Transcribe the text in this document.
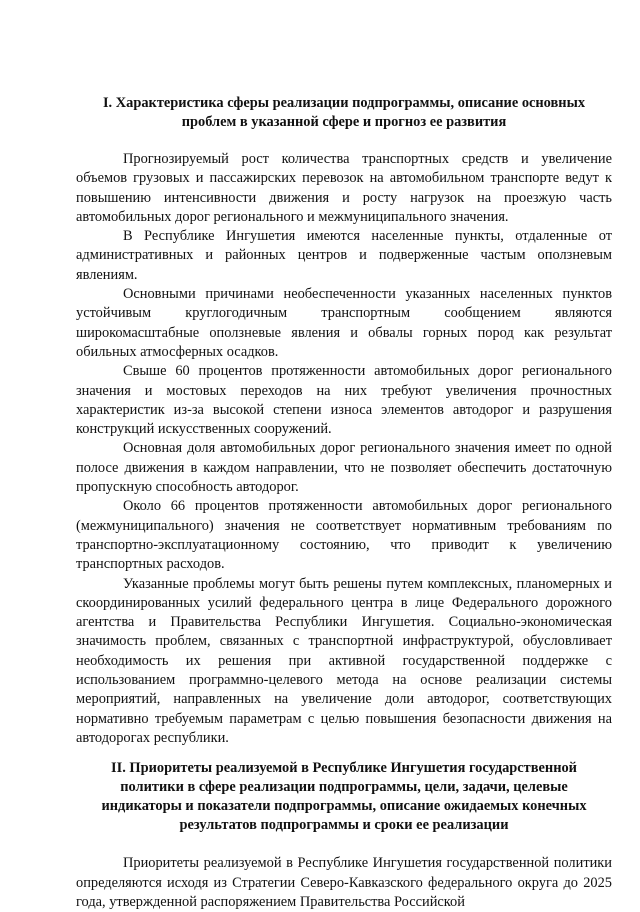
I. Характеристика сферы реализации подпрограммы, описание основных
проблем в указанной сфере и прогноз ее развития

Прогнозируемый рост количества транспортных средств и увеличение объемов грузовых и пассажирских перевозок на автомобильном транспорте ведут к повышению интенсивности движения и росту нагрузок на проезжую часть автомобильных дорог регионального и межмуниципального значения.

В Республике Ингушетия имеются населенные пункты, отдаленные от административных и районных центров и подверженные частым оползневым явлениям.

Основными причинами необеспеченности указанных населенных пунктов устойчивым круглогодичным транспортным сообщением являются широкомасштабные оползневые явления и обвалы горных пород как результат обильных атмосферных осадков.

Свыше 60 процентов протяженности автомобильных дорог регионального значения и мостовых переходов на них требуют увеличения прочностных характеристик из-за высокой степени износа элементов автодорог и разрушения конструкций искусственных сооружений.

Основная доля автомобильных дорог регионального значения имеет по одной полосе движения в каждом направлении, что не позволяет обеспечить достаточную пропускную способность автодорог.

Около 66 процентов протяженности автомобильных дорог регионального (межмуниципального) значения не соответствует нормативным требованиям по транспортно-эксплуатационному состоянию, что приводит к увеличению транспортных расходов.

Указанные проблемы могут быть решены путем комплексных, планомерных и скоординированных усилий федерального центра в лице Федерального дорожного агентства и Правительства Республики Ингушетия. Социально-экономическая значимость проблем, связанных с транспортной инфраструктурой, обусловливает необходимость их решения при активной государственной поддержке с использованием программно-целевого метода на основе реализации системы мероприятий, направленных на увеличение доли автодорог, соответствующих нормативно требуемым параметрам с целью повышения безопасности движения на автодорогах республики.

II. Приоритеты реализуемой в Республике Ингушетия государственной
политики в сфере реализации подпрограммы, цели, задачи, целевые
индикаторы и показатели подпрограммы, описание ожидаемых конечных
результатов подпрограммы и сроки ее реализации

Приоритеты реализуемой в Республике Ингушетия государственной политики определяются исходя из Стратегии Северо-Кавказского федерального округа до 2025 года, утвержденной распоряжением Правительства Российской
